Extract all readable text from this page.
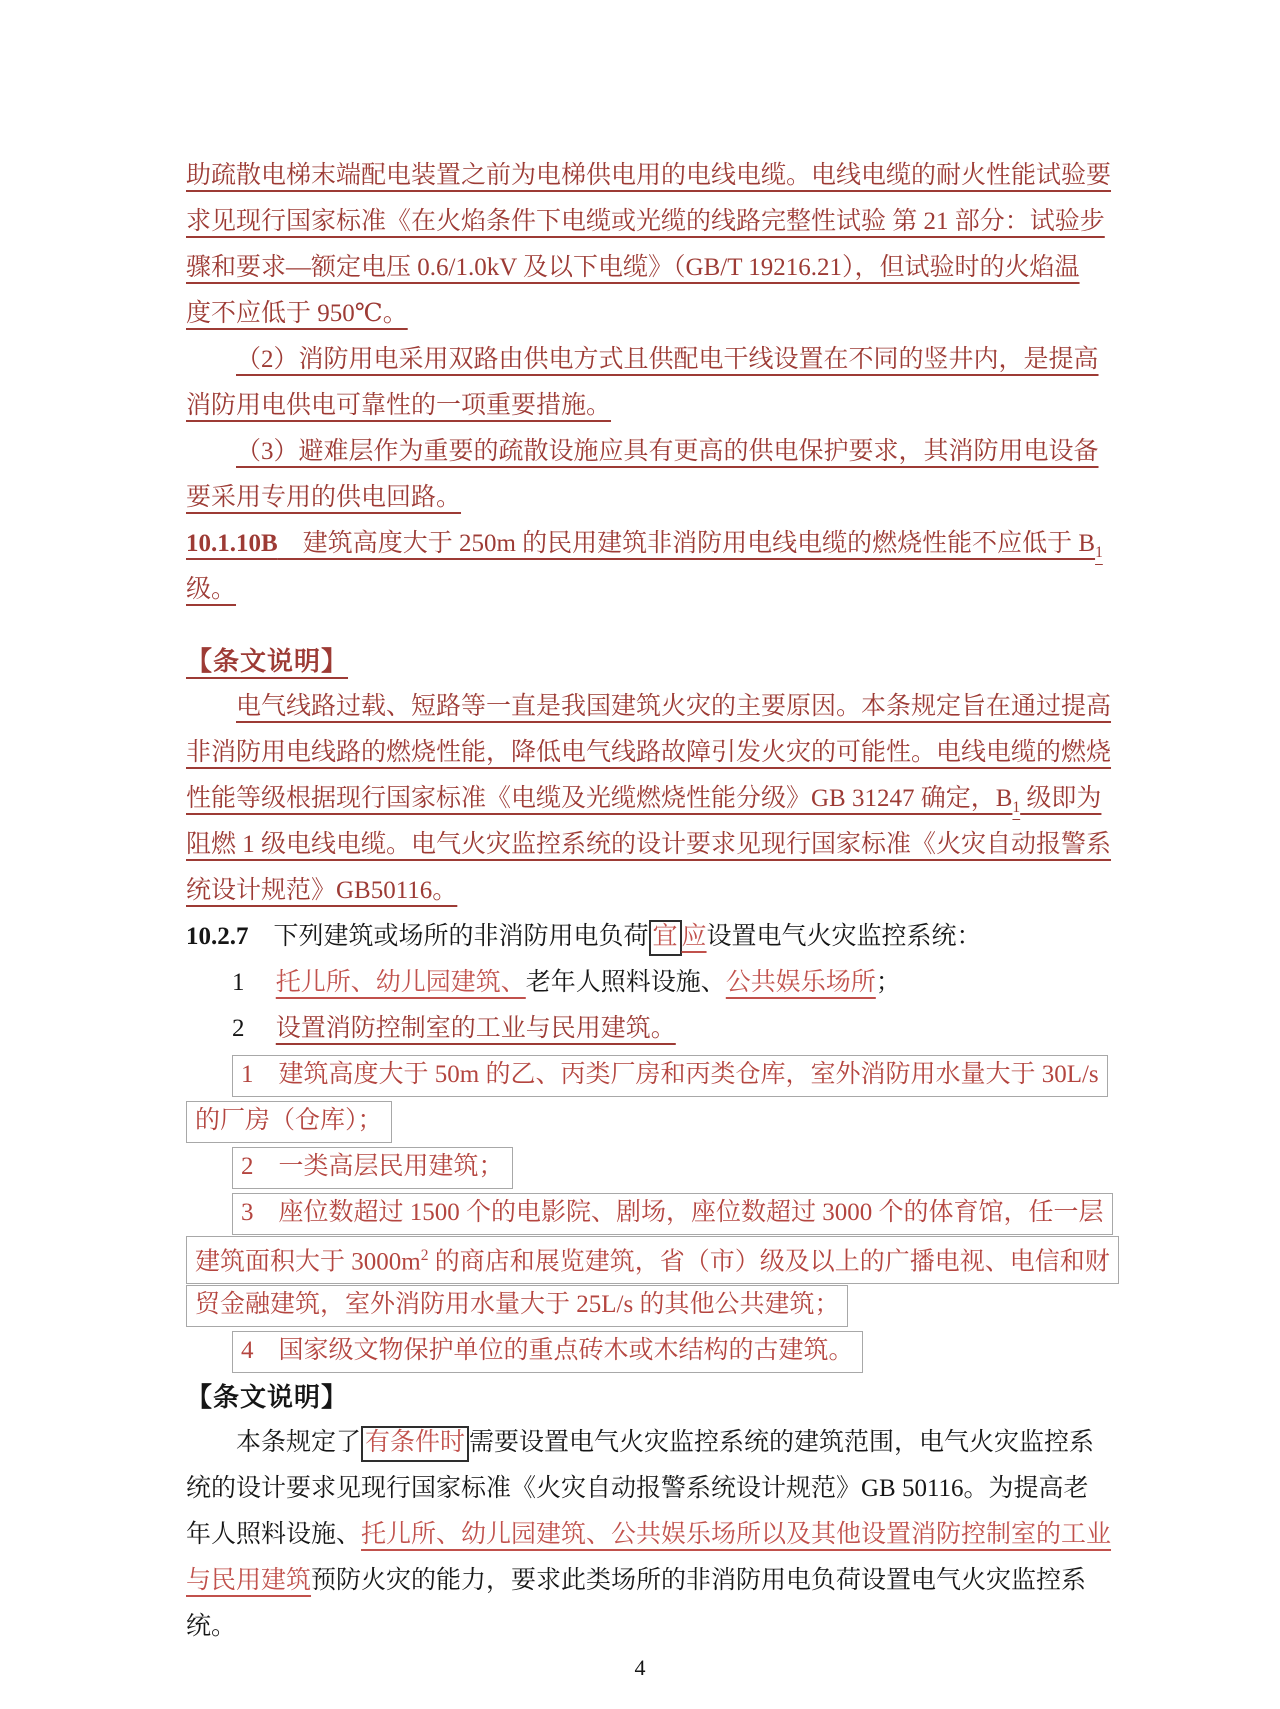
助疏散电梯末端配电装置之前为电梯供电用的电线电缆。电线电缆的耐火性能试验要
求见现行国家标准《在火焰条件下电缆或光缆的线路完整性试验 第 21 部分：试验步
骤和要求—额定电压 0.6/1.0kV 及以下电缆》（GB/T 19216.21），但试验时的火焰温
度不应低于 950℃。
（2）消防用电采用双路由供电方式且供配电干线设置在不同的竖井内，是提高
消防用电供电可靠性的一项重要措施。
（3）避难层作为重要的疏散设施应具有更高的供电保护要求，其消防用电设备
要采用专用的供电回路。
10.1.10B　建筑高度大于 250m 的民用建筑非消防用电线电缆的燃烧性能不应低于 $B_1$
级。
【条文说明】
电气线路过载、短路等一直是我国建筑火灾的主要原因。本条规定旨在通过提高
非消防用电线路的燃烧性能，降低电气线路故障引发火灾的可能性。电线电缆的燃烧
性能等级根据现行国家标准《电缆及光缆燃烧性能分级》GB 31247 确定，$B_1$ 级即为
阻燃 1 级电线电缆。电气火灾监控系统的设计要求见现行国家标准《火灾自动报警系
统设计规范》GB50116。
10.2.7　下列建筑或场所的非消防用电负荷 宜 应设置电气火灾监控系统：
1　 托儿所、幼儿园建筑、老年人照料设施、公共娱乐场所；
2　 设置消防控制室的工业与民用建筑。
1　建筑高度大于 50m 的乙、丙类厂房和丙类仓库，室外消防用水量大于 30L/s
的厂房（仓库）；
2　一类高层民用建筑；
3　座位数超过 1500 个的电影院、剧场，座位数超过 3000 个的体育馆，任一层
建筑面积大于 $3000m^2$ 的商店和展览建筑，省（市）级及以上的广播电视、电信和财
贸金融建筑，室外消防用水量大于 25L/s 的其他公共建筑；
4　国家级文物保护单位的重点砖木或木结构的古建筑。
【条文说明】
本条规定了 有条件时 需要设置电气火灾监控系统的建筑范围，电气火灾监控系
统的设计要求见现行国家标准《火灾自动报警系统设计规范》GB 50116。为提高老
年人照料设施、托儿所、幼儿园建筑、公共娱乐场所以及其他设置消防控制室的工业
与民用建筑预防火灾的能力，要求此类场所的非消防用电负荷设置电气火灾监控系
统。
4
